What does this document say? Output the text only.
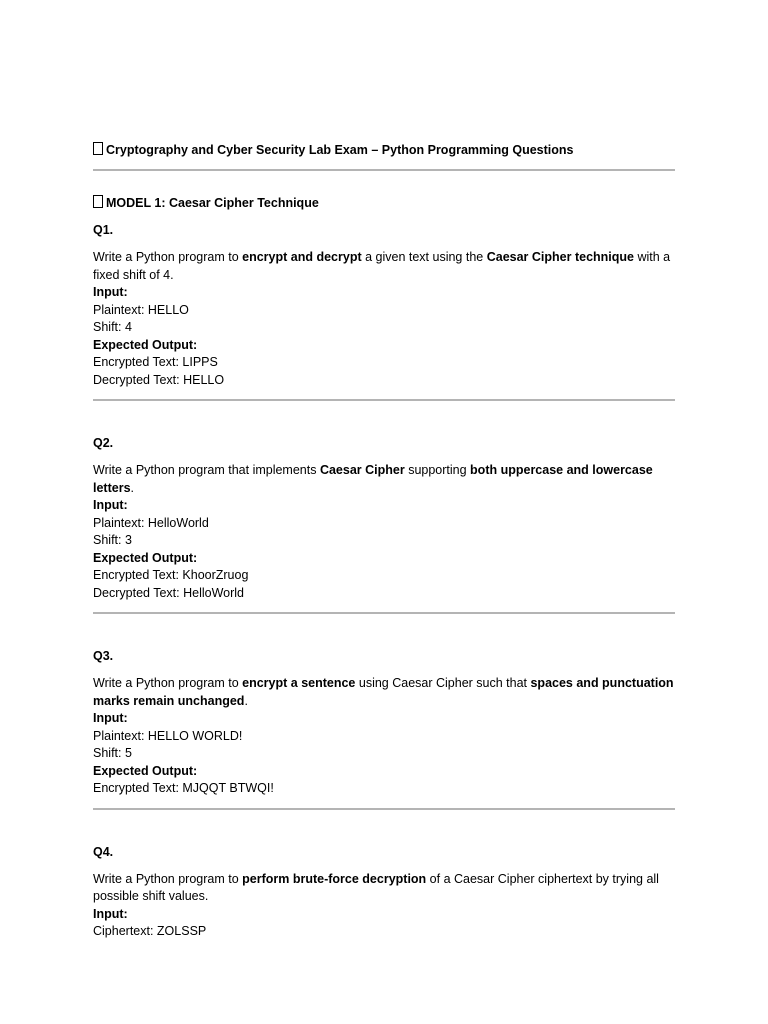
Cryptography and Cyber Security Lab Exam – Python Programming Questions
MODEL 1: Caesar Cipher Technique
Q1.
Write a Python program to encrypt and decrypt a given text using the Caesar Cipher technique with a fixed shift of 4.
Input:
Plaintext: HELLO
Shift: 4
Expected Output:
Encrypted Text: LIPPS
Decrypted Text: HELLO
Q2.
Write a Python program that implements Caesar Cipher supporting both uppercase and lowercase letters.
Input:
Plaintext: HelloWorld
Shift: 3
Expected Output:
Encrypted Text: KhoorZruog
Decrypted Text: HelloWorld
Q3.
Write a Python program to encrypt a sentence using Caesar Cipher such that spaces and punctuation marks remain unchanged.
Input:
Plaintext: HELLO WORLD!
Shift: 5
Expected Output:
Encrypted Text: MJQQT BTWQI!
Q4.
Write a Python program to perform brute-force decryption of a Caesar Cipher ciphertext by trying all possible shift values.
Input:
Ciphertext: ZOLSSP
